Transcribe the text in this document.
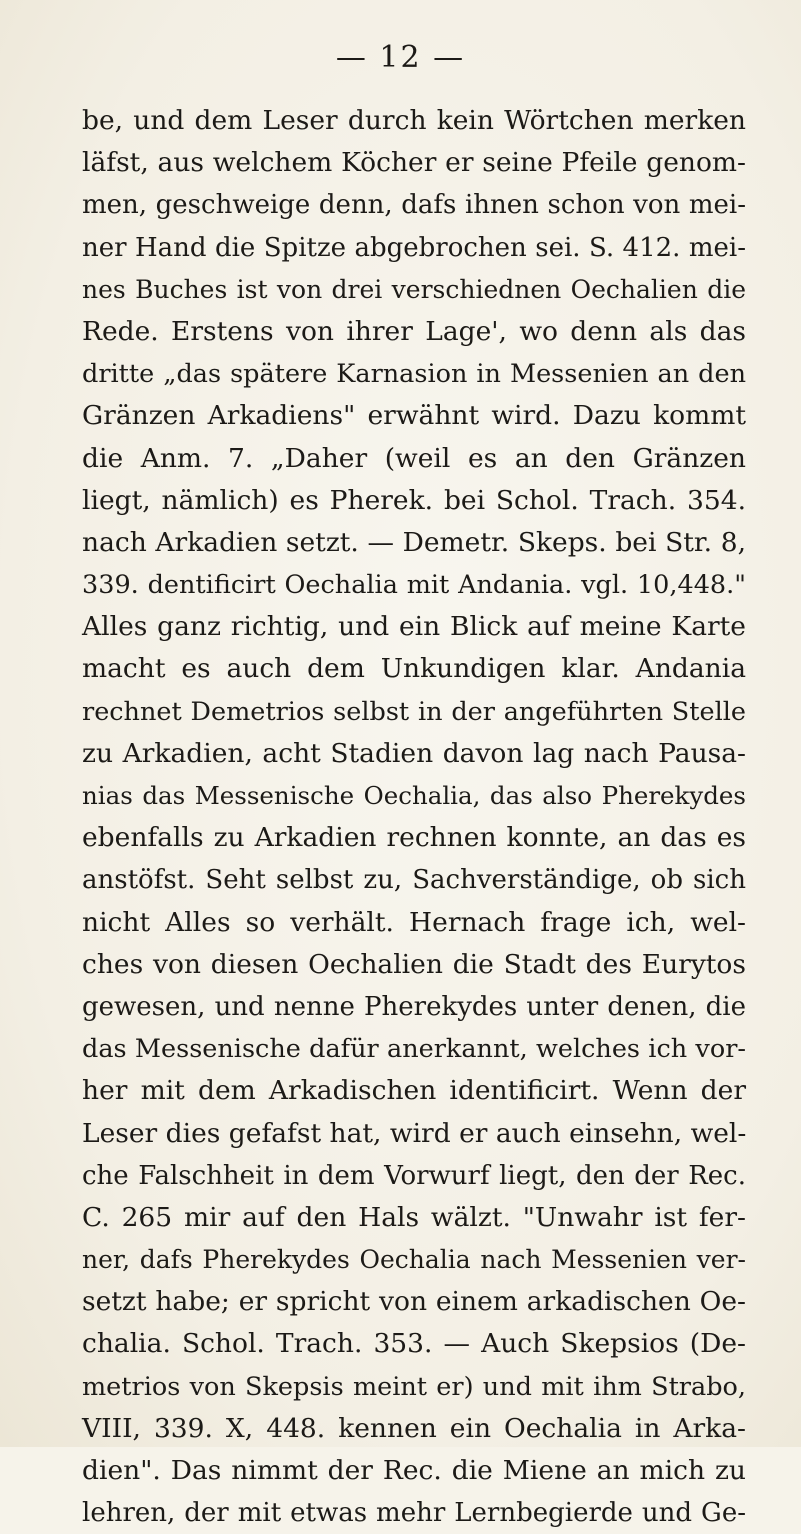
— 12 —
be, und dem Leser durch kein Wörtchen merken
läfst, aus welchem Köcher er seine Pfeile genom-
men, geschweige denn, dafs ihnen schon von mei-
ner Hand die Spitze abgebrochen sei. S. 412. mei-
nes Buches ist von drei verschiednen Oechalien die
Rede. Erstens von ihrer Lage', wo denn als das
dritte „das spätere Karnasion in Messenien an den
Gränzen Arkadiens" erwähnt wird. Dazu kommt
die Anm. 7. „Daher (weil es an den Gränzen
liegt, nämlich) es Pherek. bei Schol. Trach. 354.
nach Arkadien setzt. — Demetr. Skeps. bei Str. 8,
339. dentificirt Oechalia mit Andania. vgl. 10,448."
Alles ganz richtig, und ein Blick auf meine Karte
macht es auch dem Unkundigen klar. Andania
rechnet Demetrios selbst in der angeführten Stelle
zu Arkadien, acht Stadien davon lag nach Pausa-
nias das Messenische Oechalia, das also Pherekydes
ebenfalls zu Arkadien rechnen konnte, an das es
anstöfst. Seht selbst zu, Sachverständige, ob sich
nicht Alles so verhält. Hernach frage ich, wel-
ches von diesen Oechalien die Stadt des Eurytos
gewesen, und nenne Pherekydes unter denen, die
das Messenische dafür anerkannt, welches ich vor-
her mit dem Arkadischen identificirt. Wenn der
Leser dies gefafst hat, wird er auch einsehn, wel-
che Falschheit in dem Vorwurf liegt, den der Rec.
C. 265 mir auf den Hals wälzt. "Unwahr ist fer-
ner, dafs Pherekydes Oechalia nach Messenien ver-
setzt habe; er spricht von einem arkadischen Oe-
chalia. Schol. Trach. 353. — Auch Skepsios (De-
metrios von Skepsis meint er) und mit ihm Strabo,
VIII, 339. X, 448. kennen ein Oechalia in Arka-
dien". Das nimmt der Rec. die Miene an mich zu
lehren, der mit etwas mehr Lernbegierde und Ge-
